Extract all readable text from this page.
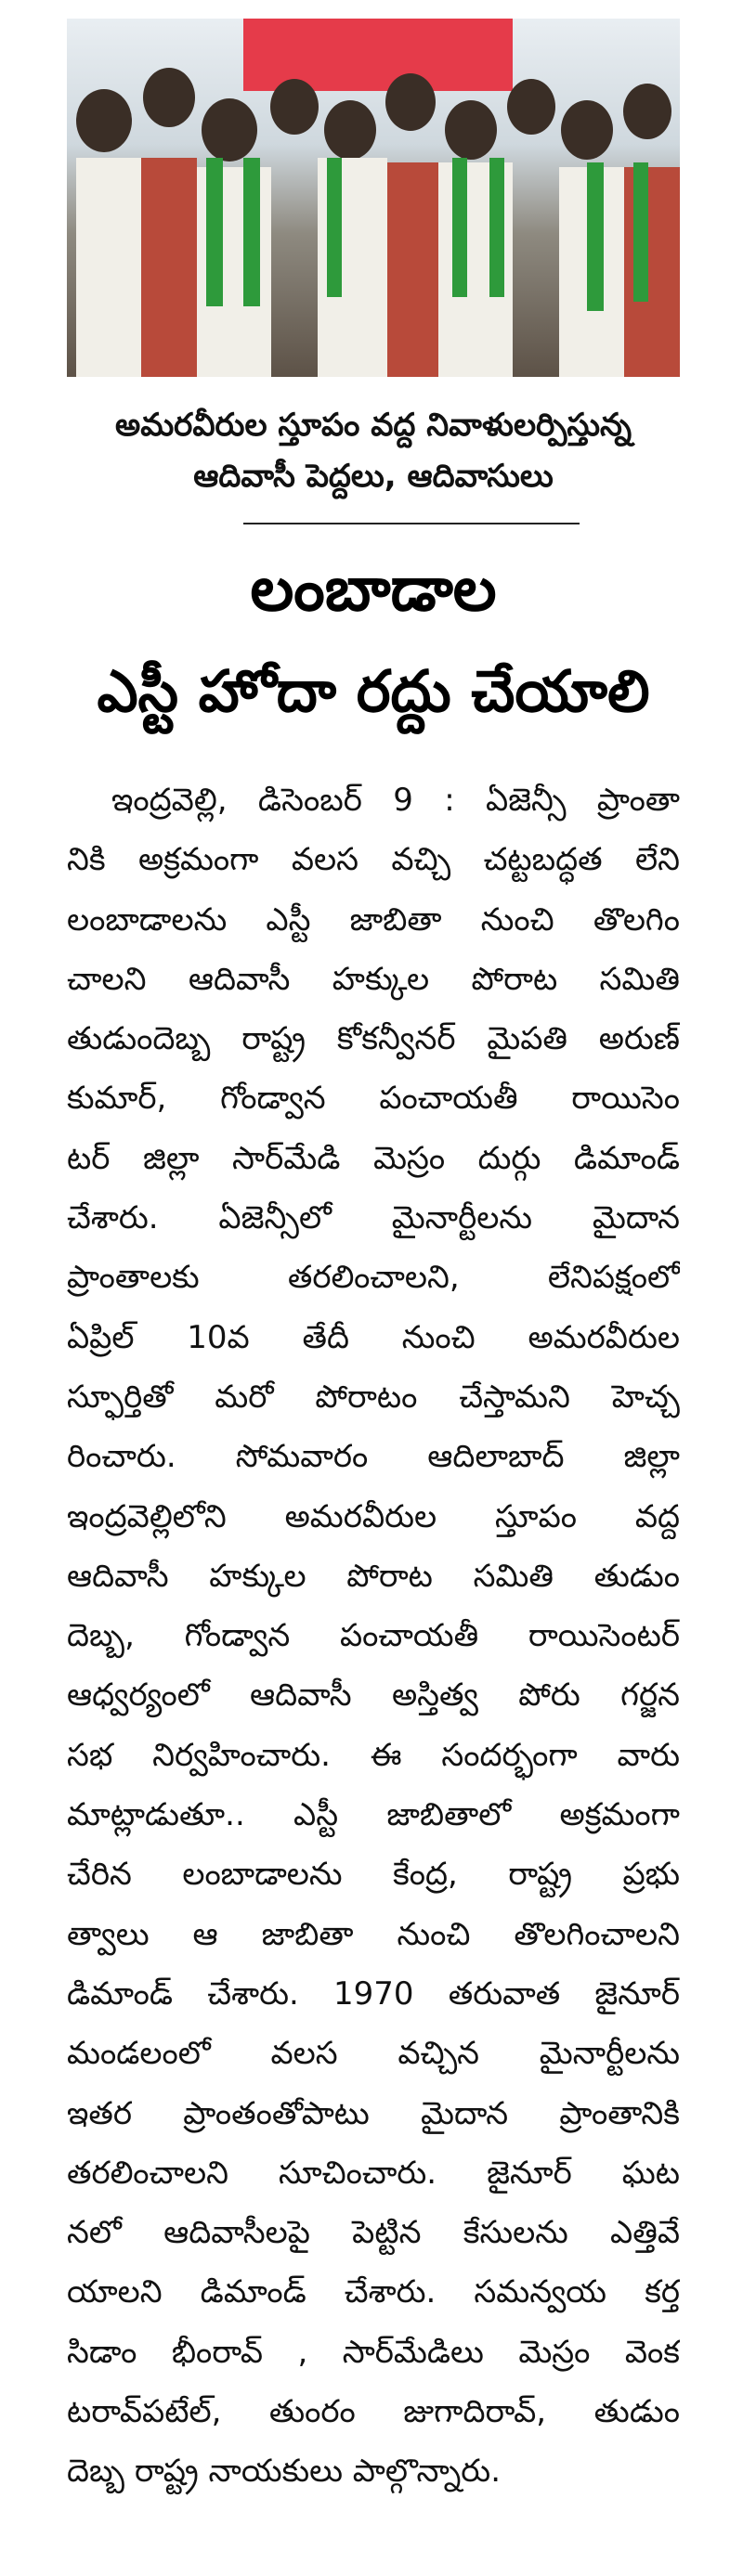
అమరవీరుల స్తూపం వద్ద నివాళులర్పిస్తున్న
ఆదివాసీ పెద్దలు, ఆదివాసులు
లంబాడాల
ఎస్టీ హోదా రద్దు చేయాలి
ఇంద్రవెల్లి, డిసెంబర్ 9 : ఏజెన్సీ ప్రాంతా
నికి అక్రమంగా వలస వచ్చి చట్టబద్ధత లేని
లంబాడాలను ఎస్టీ జాబితా నుంచి తొలగిం
చాలని ఆదివాసీ హక్కుల పోరాట సమితి
తుడుందెబ్బ రాష్ట్ర కోకన్వీనర్ మైపతి అరుణ్
కుమార్, గోండ్వాన పంచాయతీ రాయిసెం
టర్ జిల్లా సార్‌మేడి మెస్రం దుర్గు డిమాండ్
చేశారు. ఏజెన్సీలో మైనార్టీలను మైదాన
ప్రాంతాలకు తరలించాలని, లేనిపక్షంలో
ఏప్రిల్ 10వ తేదీ నుంచి అమరవీరుల
స్ఫూర్తితో మరో పోరాటం చేస్తామని హెచ్చ
రించారు. సోమవారం ఆదిలాబాద్ జిల్లా
ఇంద్రవెల్లిలోని అమరవీరుల స్తూపం వద్ద
ఆదివాసీ హక్కుల పోరాట సమితి తుడుం
దెబ్బ, గోండ్వాన పంచాయతీ రాయిసెంటర్
ఆధ్వర్యంలో ఆదివాసీ అస్తిత్వ పోరు గర్జన
సభ నిర్వహించారు. ఈ సందర్భంగా వారు
మాట్లాడుతూ.. ఎస్టీ జాబితాలో అక్రమంగా
చేరిన లంబాడాలను కేంద్ర, రాష్ట్ర ప్రభు
త్వాలు ఆ జాబితా నుంచి తొలగించాలని
డిమాండ్ చేశారు. 1970 తరువాత జైనూర్
మండలంలో వలస వచ్చిన మైనార్టీలను
ఇతర ప్రాంతంతోపాటు మైదాన ప్రాంతానికి
తరలించాలని సూచించారు. జైనూర్ ఘట
నలో ఆదివాసీలపై పెట్టిన కేసులను ఎత్తివే
యాలని డిమాండ్ చేశారు. సమన్వయ కర్త
సిడాం భీంరావ్ , సార్‌మేడిలు మెస్రం వెంక
టరావ్‌పటేల్, తుంరం జుగాదిరావ్, తుడుం
దెబ్బ రాష్ట్ర నాయకులు పాల్గొన్నారు.
